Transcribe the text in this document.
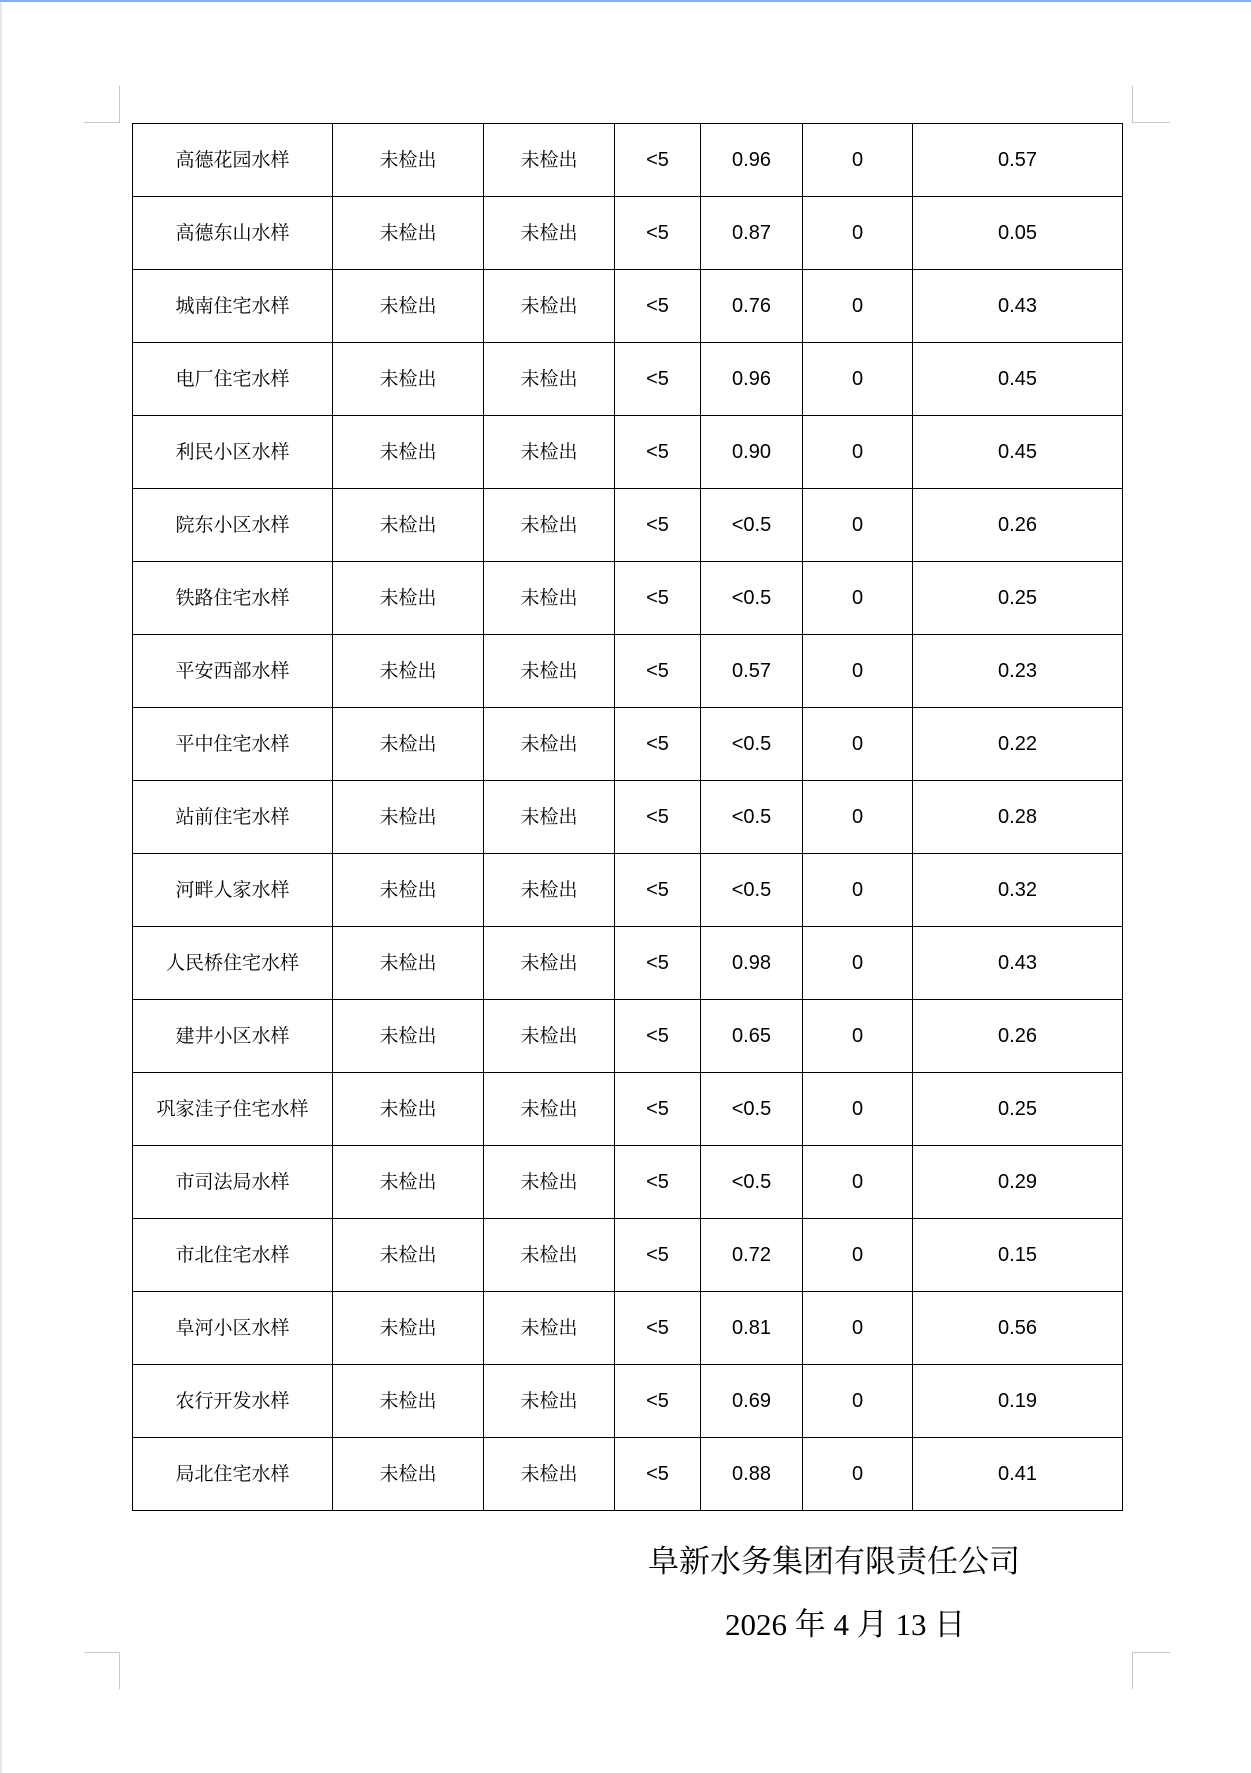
高德花园水样	未检出	未检出	<5	0.96	0	0.57
高德东山水样	未检出	未检出	<5	0.87	0	0.05
城南住宅水样	未检出	未检出	<5	0.76	0	0.43
电厂住宅水样	未检出	未检出	<5	0.96	0	0.45
利民小区水样	未检出	未检出	<5	0.90	0	0.45
院东小区水样	未检出	未检出	<5	<0.5	0	0.26
铁路住宅水样	未检出	未检出	<5	<0.5	0	0.25
平安西部水样	未检出	未检出	<5	0.57	0	0.23
平中住宅水样	未检出	未检出	<5	<0.5	0	0.22
站前住宅水样	未检出	未检出	<5	<0.5	0	0.28
河畔人家水样	未检出	未检出	<5	<0.5	0	0.32
人民桥住宅水样	未检出	未检出	<5	0.98	0	0.43
建井小区水样	未检出	未检出	<5	0.65	0	0.26
巩家洼子住宅水样	未检出	未检出	<5	<0.5	0	0.25
市司法局水样	未检出	未检出	<5	<0.5	0	0.29
市北住宅水样	未检出	未检出	<5	0.72	0	0.15
阜河小区水样	未检出	未检出	<5	0.81	0	0.56
农行开发水样	未检出	未检出	<5	0.69	0	0.19
局北住宅水样	未检出	未检出	<5	0.88	0	0.41
阜新水务集团有限责任公司
2026 年 4 月 13 日
